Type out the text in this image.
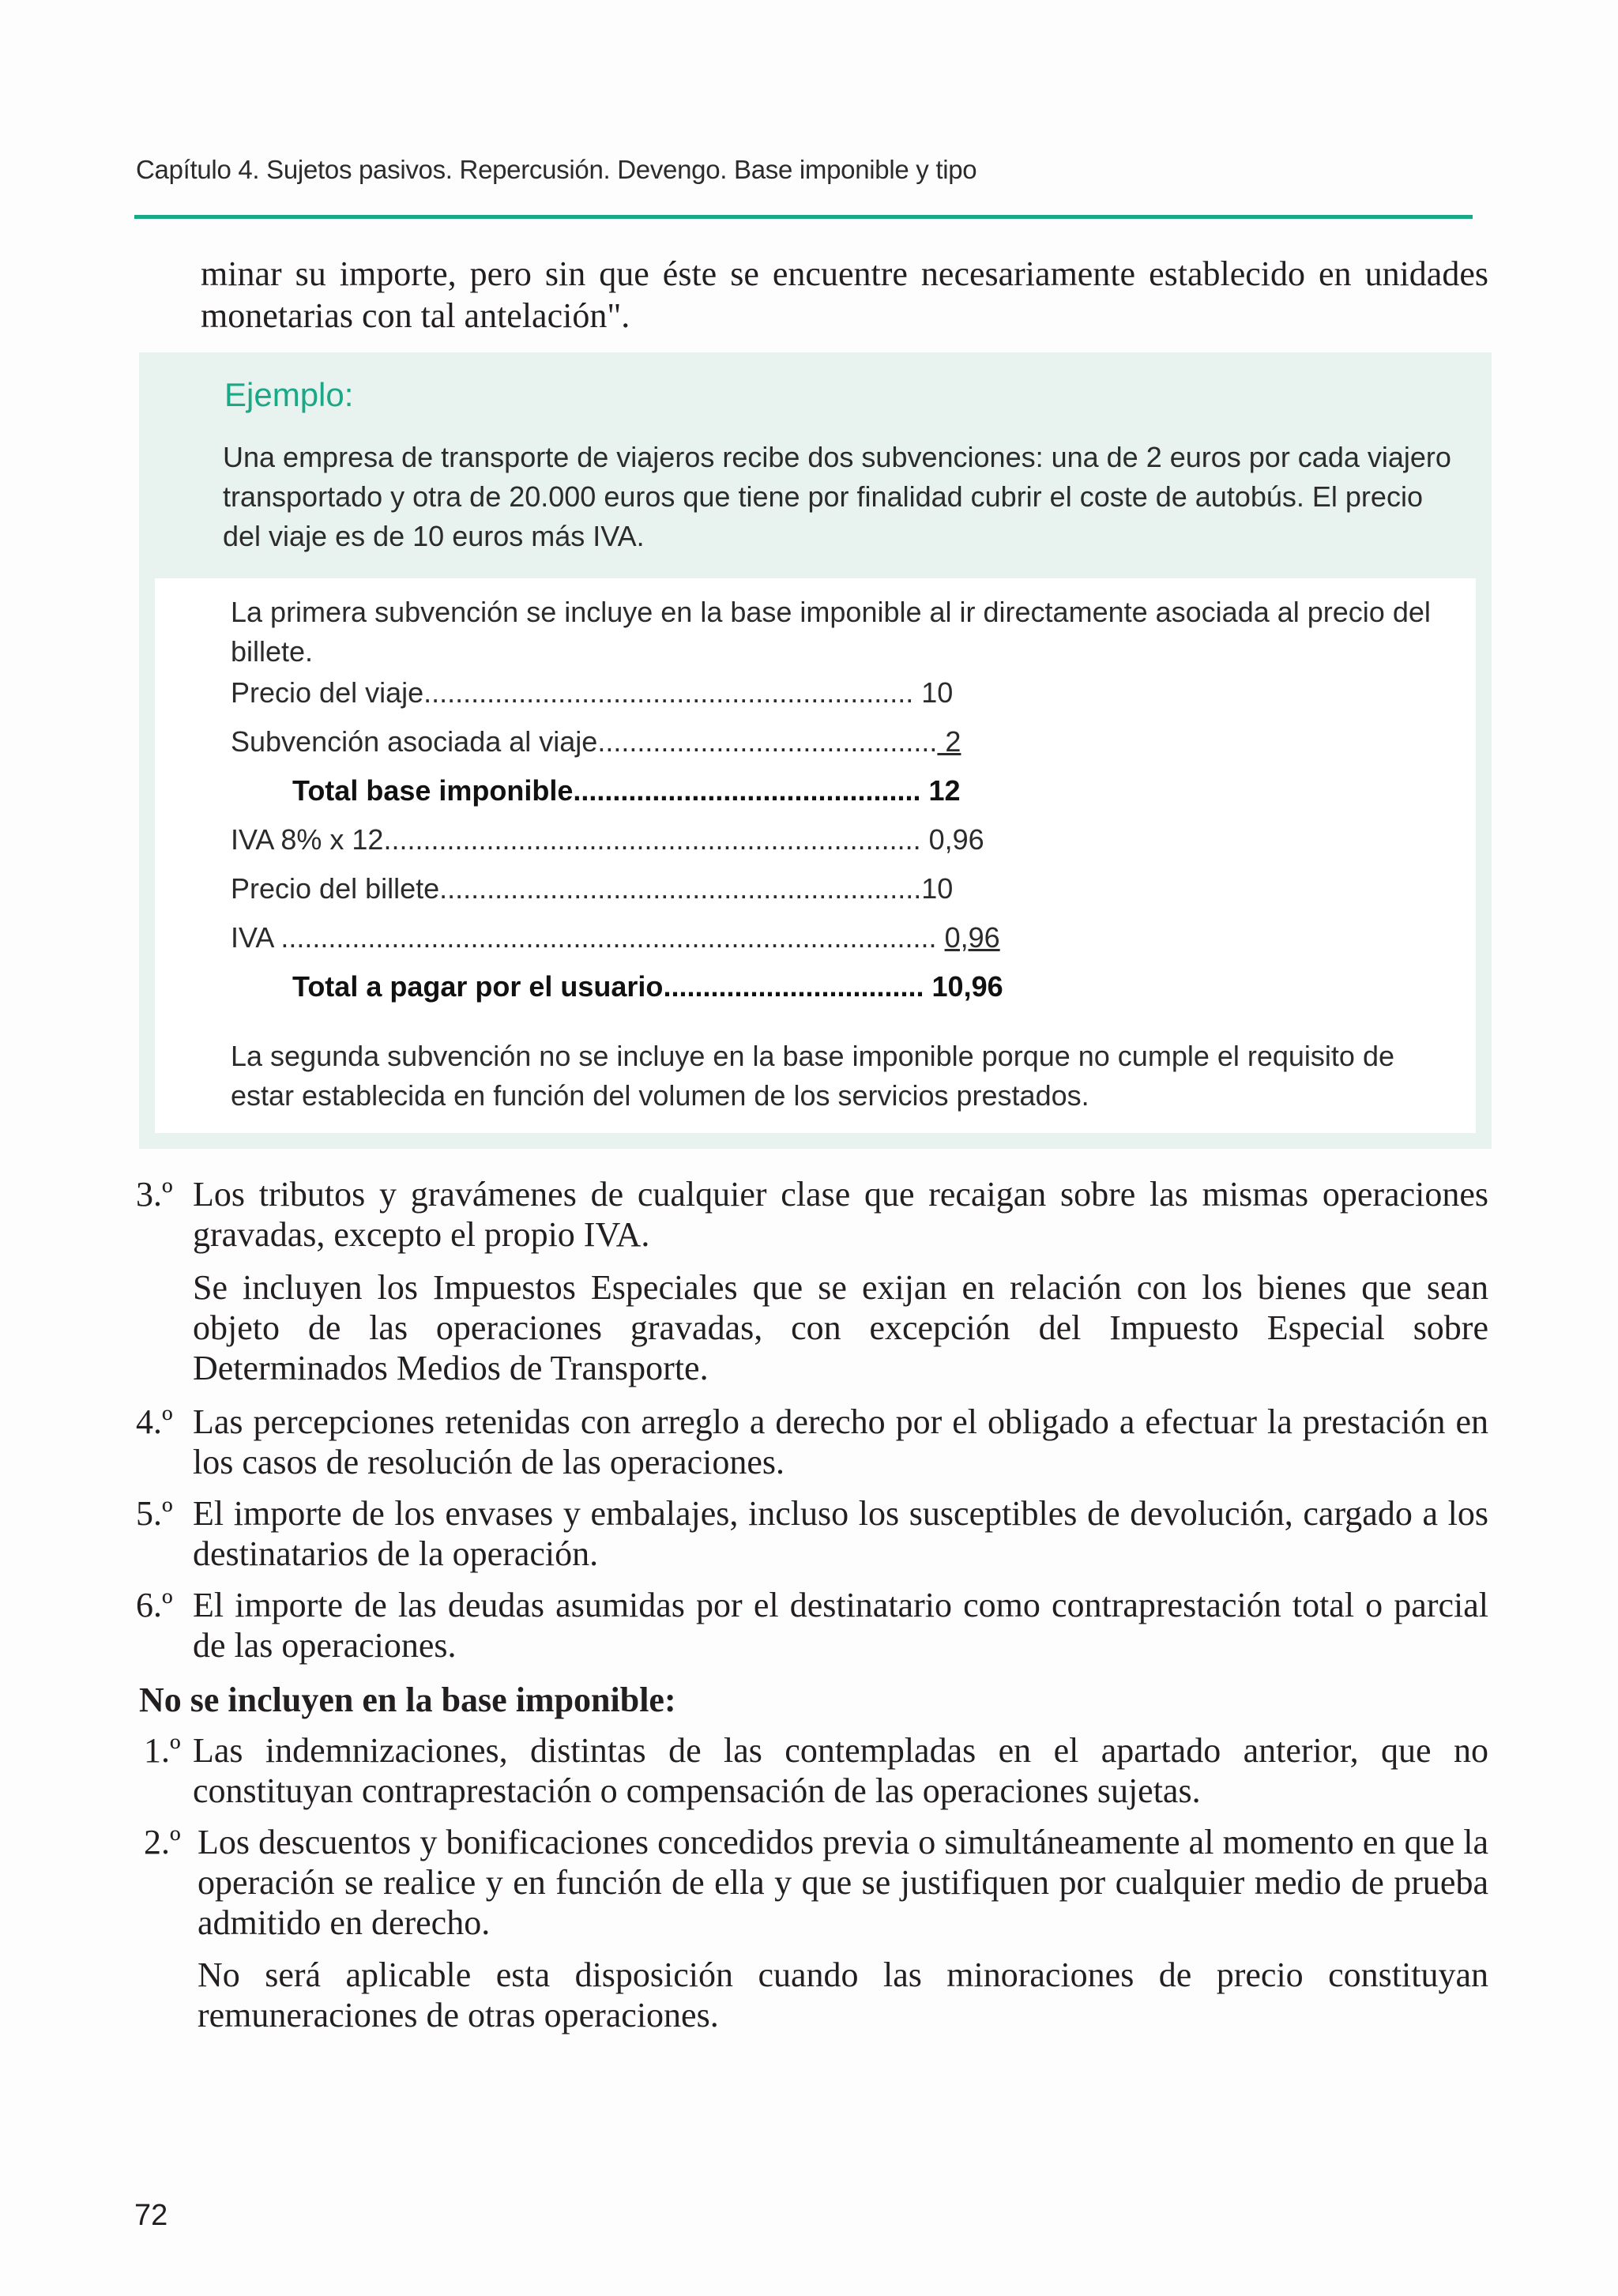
Capítulo 4. Sujetos pasivos. Repercusión. Devengo. Base imponible y tipo
minar su importe, pero sin que éste se encuentre necesariamente establecido en unidades monetarias con tal antelación".
Ejemplo:
Una empresa de transporte de viajeros recibe dos subvenciones: una de 2 euros por cada viajero transportado y otra de 20.000 euros que tiene por finalidad cubrir el coste de autobús. El precio del viaje es de 10 euros más IVA.
La primera subvención se incluye en la base imponible al ir directamente asociada al precio del billete.
Precio del viaje.............................................................. 10
Subvención asociada al viaje........................................... 2
Total base imponible............................................ 12
IVA 8% x 12.................................................................... 0,96
Precio del billete.............................................................10
IVA ................................................................................... 0,96
Total a pagar por el usuario................................. 10,96
La segunda subvención no se incluye en la base imponible porque no cumple el requisito de estar establecida en función del volumen de los servicios prestados.
3.º Los tributos y gravámenes de cualquier clase que recaigan sobre las mismas operaciones gravadas, excepto el propio IVA.
Se incluyen los Impuestos Especiales que se exijan en relación con los bienes que sean objeto de las operaciones gravadas, con excepción del Impuesto Especial sobre Determinados Medios de Transporte.
4.º Las percepciones retenidas con arreglo a derecho por el obligado a efectuar la prestación en los casos de resolución de las operaciones.
5.º El importe de los envases y embalajes, incluso los susceptibles de devolución, cargado a los destinatarios de la operación.
6.º El importe de las deudas asumidas por el destinatario como contraprestación total o parcial de las operaciones.
No se incluyen en la base imponible:
1.º Las indemnizaciones, distintas de las contempladas en el apartado anterior, que no constituyan contraprestación o compensación de las operaciones sujetas.
2.º Los descuentos y bonificaciones concedidos previa o simultáneamente al momento en que la operación se realice y en función de ella y que se justifiquen por cualquier medio de prueba admitido en derecho.
No será aplicable esta disposición cuando las minoraciones de precio constituyan remuneraciones de otras operaciones.
72
